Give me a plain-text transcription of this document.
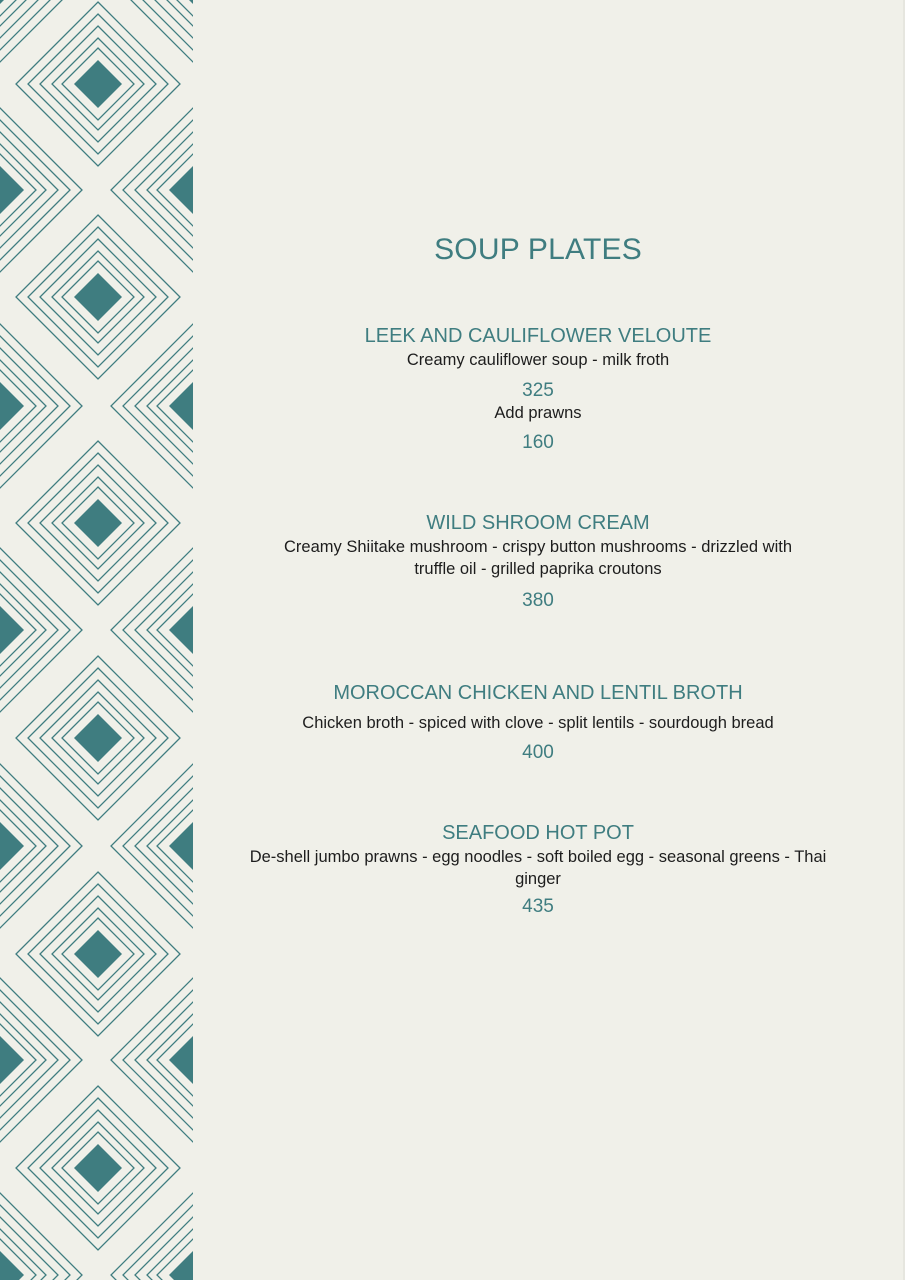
SOUP PLATES
LEEK AND CAULIFLOWER VELOUTE

Creamy cauliflower soup - milk froth

325

Add prawns

160

WILD SHROOM CREAM

Creamy Shiitake mushroom - crispy button mushrooms - drizzled with truffle oil - grilled paprika croutons

380

MOROCCAN CHICKEN AND LENTIL BROTH

Chicken broth - spiced with clove - split lentils - sourdough bread

400

SEAFOOD HOT POT

De-shell jumbo prawns - egg noodles - soft boiled egg - seasonal greens - Thai ginger

435
